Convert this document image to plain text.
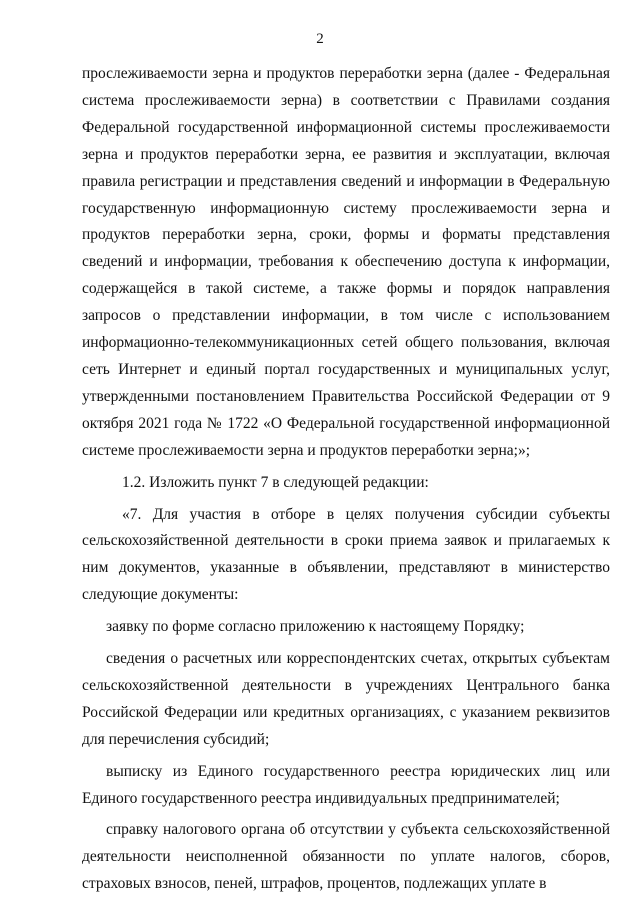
2

прослеживаемости зерна и продуктов переработки зерна (далее - Федеральная система прослеживаемости зерна) в соответствии с Правилами создания Федеральной государственной информационной системы прослеживаемости зерна и продуктов переработки зерна, ее развития и эксплуатации, включая правила регистрации и представления сведений и информации в Федеральную государственную информационную систему прослеживаемости зерна и продуктов переработки зерна, сроки, формы и форматы представления сведений и информации, требования к обеспечению доступа к информации, содержащейся в такой системе, а также формы и порядок направления запросов о представлении информации, в том числе с использованием информационно-телекоммуникационных сетей общего пользования, включая сеть Интернет и единый портал государственных и муниципальных услуг, утвержденными постановлением Правительства Российской Федерации от 9 октября 2021 года № 1722 «О Федеральной государственной информационной системе прослеживаемости зерна и продуктов переработки зерна;»;

1.2. Изложить пункт 7 в следующей редакции:

«7. Для участия в отборе в целях получения субсидии субъекты сельскохозяйственной деятельности в сроки приема заявок и прилагаемых к ним документов, указанные в объявлении, представляют в министерство следующие документы:

заявку по форме согласно приложению к настоящему Порядку;

сведения о расчетных или корреспондентских счетах, открытых субъектам сельскохозяйственной деятельности в учреждениях Центрального банка Российской Федерации или кредитных организациях, с указанием реквизитов для перечисления субсидий;

выписку из Единого государственного реестра юридических лиц или Единого государственного реестра индивидуальных предпринимателей;

справку налогового органа об отсутствии у субъекта сельскохозяйственной деятельности неисполненной обязанности по уплате налогов, сборов, страховых взносов, пеней, штрафов, процентов, подлежащих уплате в
